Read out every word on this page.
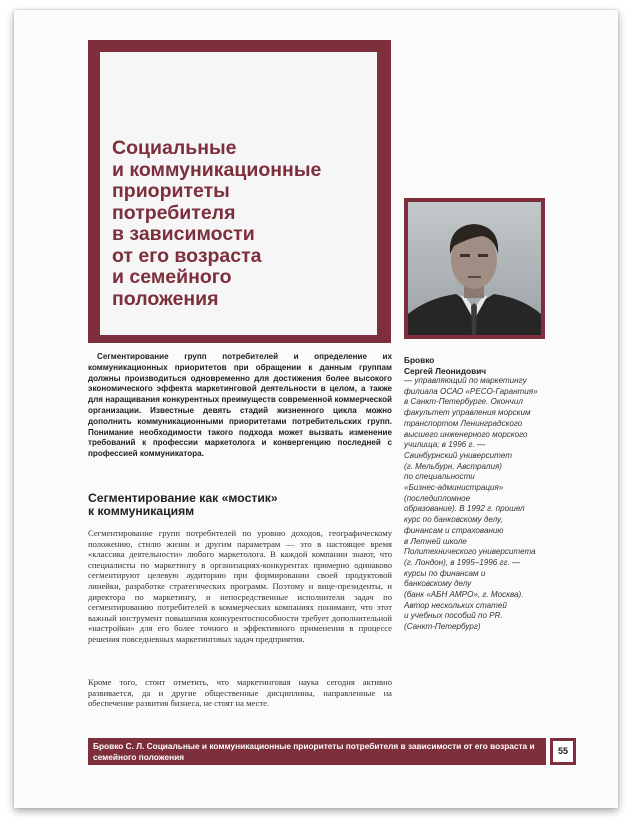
Социальные
и коммуникационные
приоритеты
потребителя
в зависимости
от его возраста
и семейного
положения

Сегментирование групп потребителей и определение их коммуникационных приоритетов при обращении к данным группам должны производиться одновременно для достижения более высокого экономического эффекта маркетинговой деятельности в целом, а также для наращивания конкурентных преимуществ современной коммерческой организации. Известные девять стадий жизненного цикла можно дополнить коммуникационными приоритетами потребительских групп. Понимание необходимости такого подхода может вызвать изменение требований к профессии маркетолога и конвергенцию последней с профессией коммуникатора.

Сегментирование как «мостик»
к коммуникациям

Сегментирование групп потребителей по уровню доходов, географическому положению, стилю жизни и другим параметрам — это в настоящее время «классика деятельности» любого маркетолога. В каждой компании знают, что специалисты по маркетингу в организациях-конкурентах примерно одинаково сегментируют целевую аудиторию при формировании своей продуктовой линейки, разработке стратегических программ. Поэтому и вице-президенты, и директора по маркетингу, и непосредственные исполнители задач по сегментированию потребителей в коммерческих компаниях понимают, что этот важный инструмент повышения конкурентоспособности требует дополнительной «настройки» для его более точного и эффективного применения в процессе решения повседневных маркетинговых задач предприятия.

Кроме того, стоит отметить, что маркетинговая наука сегодня активно развивается, да и другие общественные дисциплины, направленные на обеспечение развития бизнеса, не стоят на месте.

Бровко
Сергей Леонидович

— управляющий по маркетингу
филиала ОСАО «РЕСО-Гарантия»
в Санкт-Петербурге. Окончил
факультет управления морским
транспортом Ленинградского
высшего инженерного морского
училища; в 1996 г. —
Свинбурнский университет
(г. Мельбурн, Австралия)
по специальности
«Бизнес-администрация»
(последипломное
образование). В 1992 г. прошел
курс по банковскому делу,
финансам и страхованию
в Летней школе
Политехнического университета
(г. Лондон), в 1995–1996 гг. —
курсы по финансам и
банковскому делу
(банк «АБН АМРО», г. Москва).
Автор нескольких статей
и учебных пособий по PR.
(Санкт-Петербург)

Бровко С. Л. Социальные и коммуникационные приоритеты потребителя в зависимости от его возраста и семейного положения

55
